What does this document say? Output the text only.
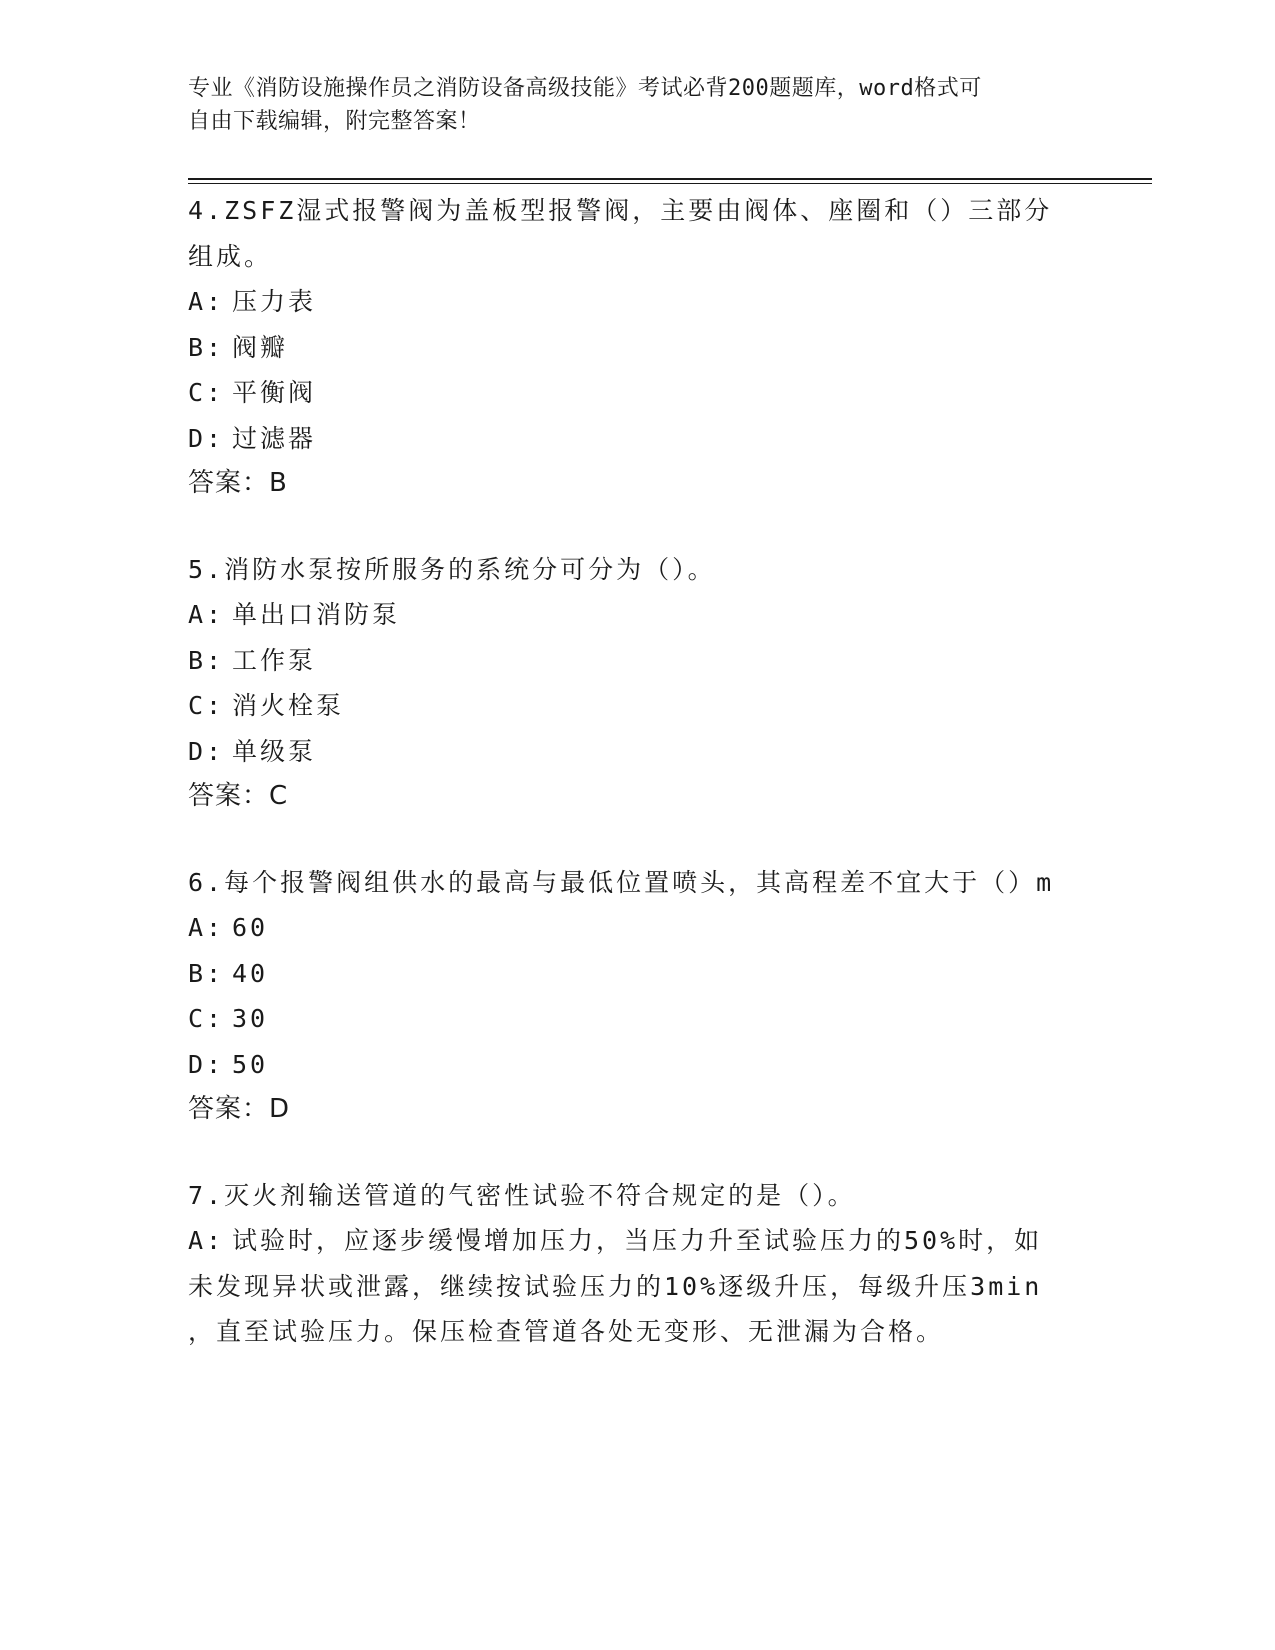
专业《消防设施操作员之消防设备高级技能》考试必背200题题库，word格式可
自由下载编辑，附完整答案！
4.ZSFZ湿式报警阀为盖板型报警阀，主要由阀体、座圈和（）三部分
组成。
A: 压力表
B: 阀瓣
C: 平衡阀
D: 过滤器
答案：B
5.消防水泵按所服务的系统分可分为（）。
A: 单出口消防泵
B: 工作泵
C: 消火栓泵
D: 单级泵
答案：C
6.每个报警阀组供水的最高与最低位置喷头，其高程差不宜大于（）m
A: 60
B: 40
C: 30
D: 50
答案：D
7.灭火剂输送管道的气密性试验不符合规定的是（）。
A: 试验时，应逐步缓慢增加压力，当压力升至试验压力的50%时，如
未发现异状或泄露，继续按试验压力的10%逐级升压，每级升压3min
，直至试验压力。保压检查管道各处无变形、无泄漏为合格。
